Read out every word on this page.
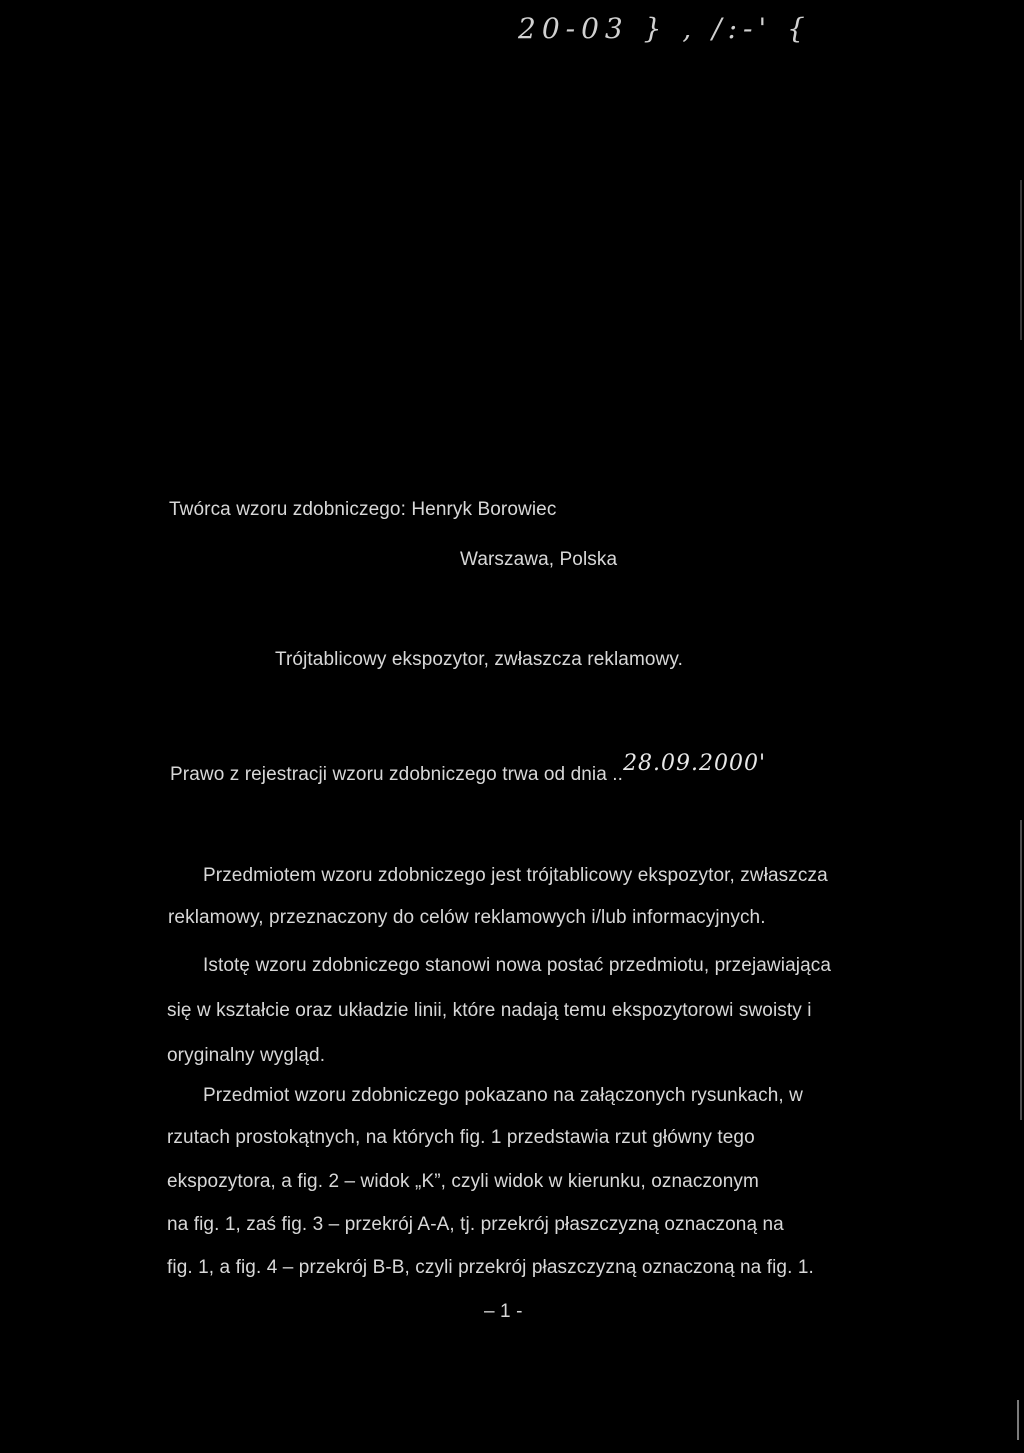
20-03 } , /:-' {
Twórca wzoru zdobniczego: Henryk Borowiec
Warszawa, Polska
Trójtablicowy ekspozytor, zwłaszcza reklamowy.
Prawo z rejestracji wzoru zdobniczego trwa od dnia ..28.09.2000'
Przedmiotem wzoru zdobniczego jest trójtablicowy ekspozytor, zwłaszcza
reklamowy, przeznaczony do celów reklamowych i/lub informacyjnych.
Istotę wzoru zdobniczego stanowi nowa postać przedmiotu, przejawiająca
się w kształcie oraz układzie linii, które nadają temu ekspozytorowi swoisty i
oryginalny wygląd.
Przedmiot wzoru zdobniczego pokazano na załączonych rysunkach, w
rzutach prostokątnych, na których fig. 1 przedstawia rzut główny tego
ekspozytora, a fig. 2 – widok „K”, czyli widok w kierunku, oznaczonym
na fig. 1, zaś fig. 3 – przekrój A-A, tj. przekrój płaszczyzną oznaczoną na
fig. 1, a fig. 4 – przekrój B-B, czyli przekrój płaszczyzną oznaczoną na fig. 1.
– 1 -
